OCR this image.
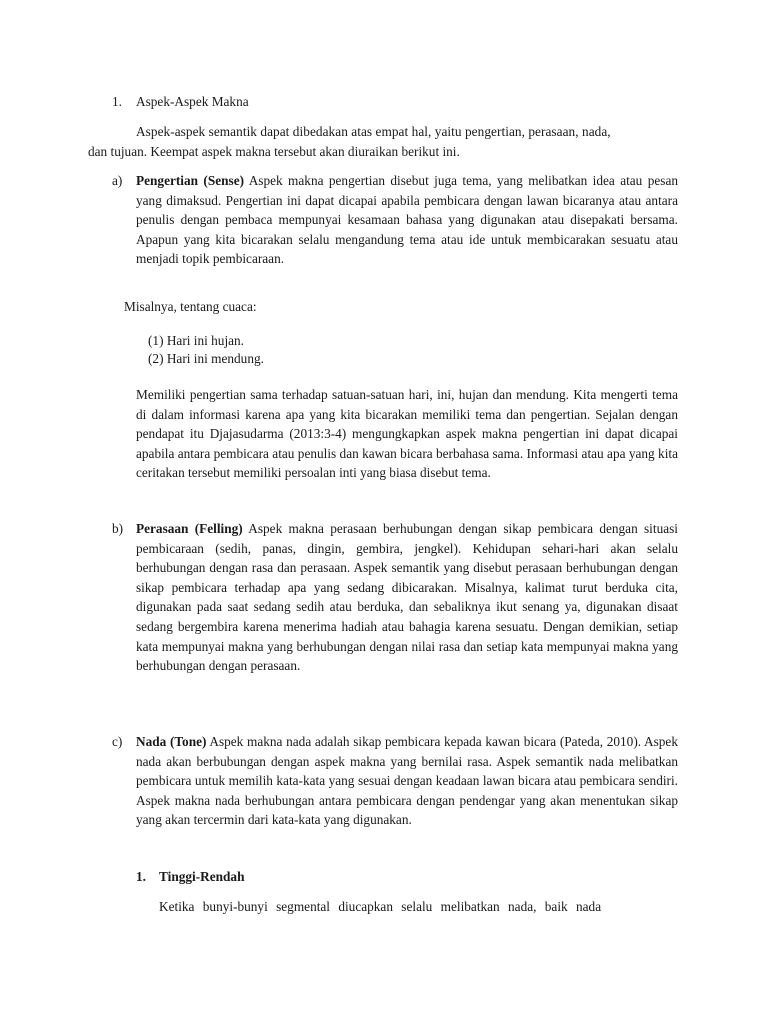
1. Aspek-Aspek Makna
Aspek-aspek semantik dapat dibedakan atas empat hal, yaitu pengertian, perasaan, nada,
dan tujuan. Keempat aspek makna tersebut akan diuraikan berikut ini.
a) Pengertian (Sense) Aspek makna pengertian disebut juga tema, yang melibatkan idea atau pesan yang dimaksud. Pengertian ini dapat dicapai apabila pembicara dengan lawan bicaranya atau antara penulis dengan pembaca mempunyai kesamaan bahasa yang digunakan atau disepakati bersama. Apapun yang kita bicarakan selalu mengandung tema atau ide untuk membicarakan sesuatu atau menjadi topik pembicaraan.
Misalnya, tentang cuaca:
(1) Hari ini hujan.
(2) Hari ini mendung.
Memiliki pengertian sama terhadap satuan-satuan hari, ini, hujan dan mendung. Kita mengerti tema di dalam informasi karena apa yang kita bicarakan memiliki tema dan pengertian. Sejalan dengan pendapat itu Djajasudarma (2013:3-4) mengungkapkan aspek makna pengertian ini dapat dicapai apabila antara pembicara atau penulis dan kawan bicara berbahasa sama. Informasi atau apa yang kita ceritakan tersebut memiliki persoalan inti yang biasa disebut tema.
b) Perasaan (Felling) Aspek makna perasaan berhubungan dengan sikap pembicara dengan situasi pembicaraan (sedih, panas, dingin, gembira, jengkel). Kehidupan sehari-hari akan selalu berhubungan dengan rasa dan perasaan. Aspek semantik yang disebut perasaan berhubungan dengan sikap pembicara terhadap apa yang sedang dibicarakan. Misalnya, kalimat turut berduka cita, digunakan pada saat sedang sedih atau berduka, dan sebaliknya ikut senang ya, digunakan disaat sedang bergembira karena menerima hadiah atau bahagia karena sesuatu. Dengan demikian, setiap kata mempunyai makna yang berhubungan dengan nilai rasa dan setiap kata mempunyai makna yang berhubungan dengan perasaan.
c) Nada (Tone) Aspek makna nada adalah sikap pembicara kepada kawan bicara (Pateda, 2010). Aspek nada akan berbubungan dengan aspek makna yang bernilai rasa. Aspek semantik nada melibatkan pembicara untuk memilih kata-kata yang sesuai dengan keadaan lawan bicara atau pembicara sendiri. Aspek makna nada berhubungan antara pembicara dengan pendengar yang akan menentukan sikap yang akan tercermin dari kata-kata yang digunakan.
1. Tinggi-Rendah
Ketika bunyi-bunyi segmental diucapkan selalu melibatkan nada, baik nada
